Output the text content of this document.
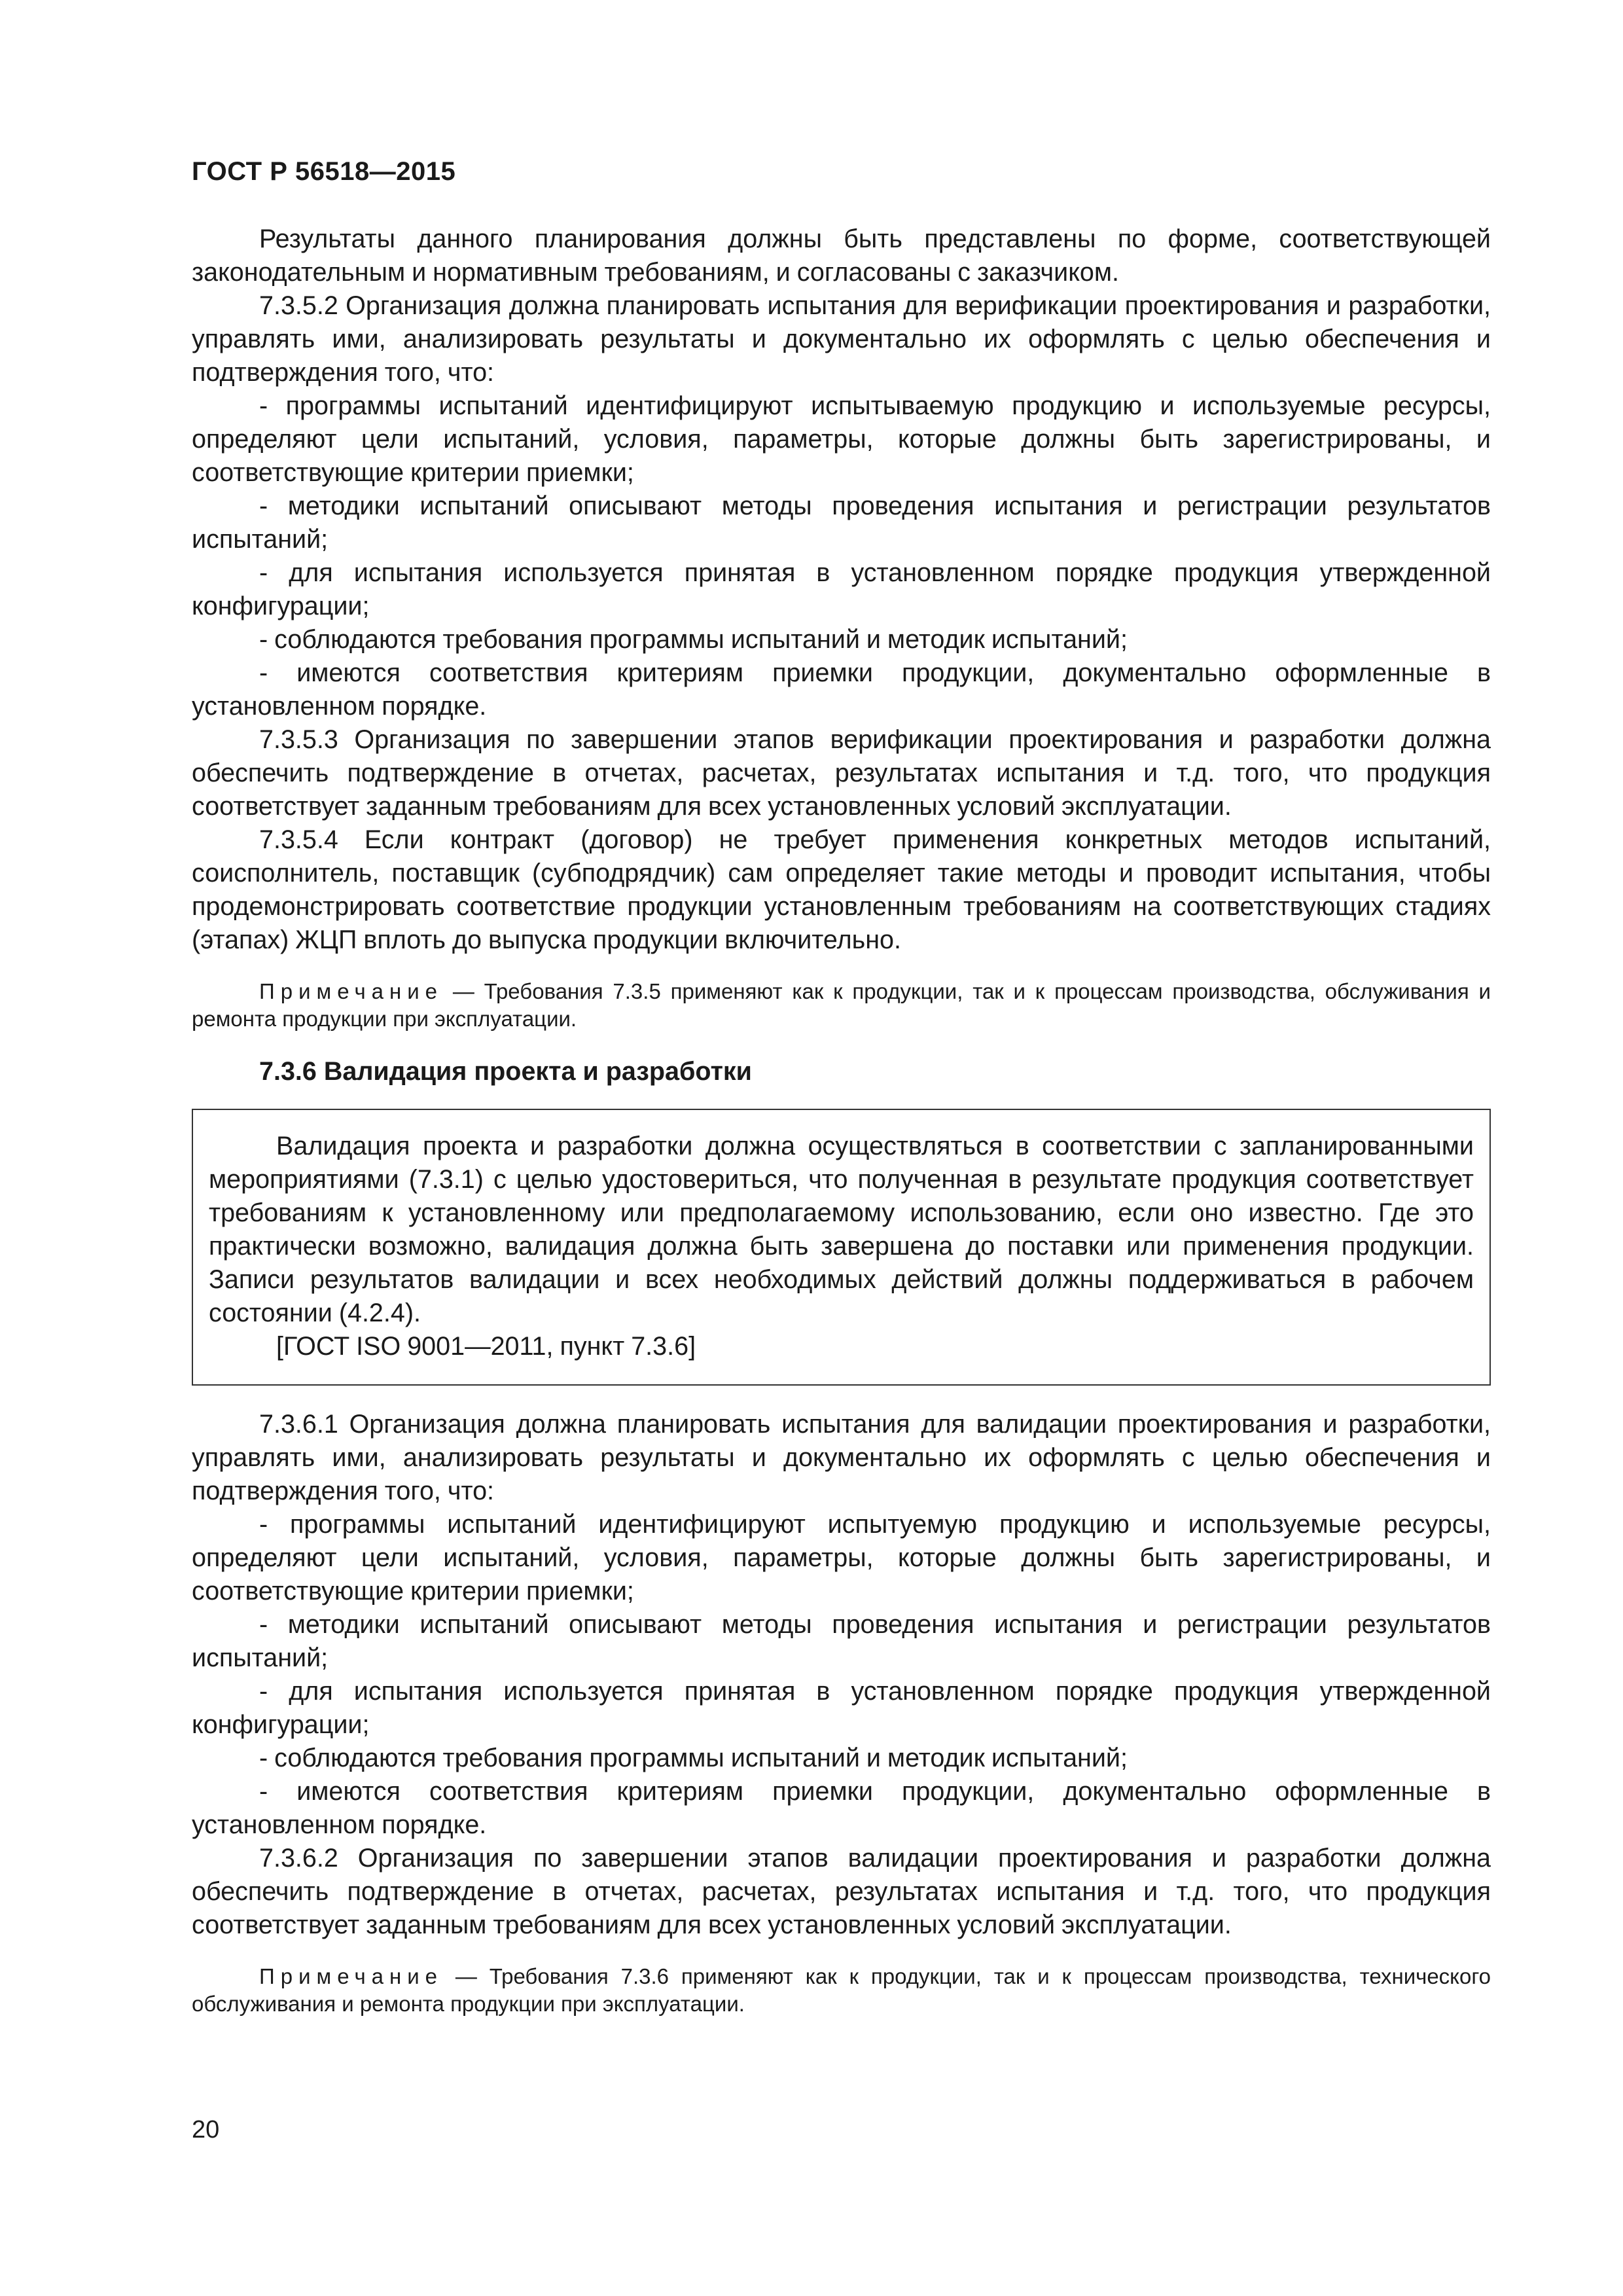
ГОСТ Р 56518—2015

Результаты данного планирования должны быть представлены по форме, соответствующей законодательным и нормативным требованиям, и согласованы с заказчиком.

7.3.5.2 Организация должна планировать испытания для верификации проектирования и разработки, управлять ими, анализировать результаты и документально их оформлять с целью обеспечения и подтверждения того, что:

- программы испытаний идентифицируют испытываемую продукцию и используемые ресурсы, определяют цели испытаний, условия, параметры, которые должны быть зарегистрированы, и соответствующие критерии приемки;

- методики испытаний описывают методы проведения испытания и регистрации результатов испытаний;

- для испытания используется принятая в установленном порядке продукция утвержденной конфигурации;

- соблюдаются требования программы испытаний и методик испытаний;

- имеются соответствия критериям приемки продукции, документально оформленные в установленном порядке.

7.3.5.3 Организация по завершении этапов верификации проектирования и разработки должна обеспечить подтверждение в отчетах, расчетах, результатах испытания и т.д. того, что продукция соответствует заданным требованиям для всех установленных условий эксплуатации.

7.3.5.4 Если контракт (договор) не требует применения конкретных методов испытаний, соисполнитель, поставщик (субподрядчик) сам определяет такие методы и проводит испытания, чтобы продемонстрировать соответствие продукции установленным требованиям на соответствующих стадиях (этапах) ЖЦП вплоть до выпуска продукции включительно.

Примечание — Требования 7.3.5 применяют как к продукции, так и к процессам производства, обслуживания и ремонта продукции при эксплуатации.

7.3.6 Валидация проекта и разработки

Валидация проекта и разработки должна осуществляться в соответствии с запланированными мероприятиями (7.3.1) с целью удостовериться, что полученная в результате продукция соответствует требованиям к установленному или предполагаемому использованию, если оно известно. Где это практически возможно, валидация должна быть завершена до поставки или применения продукции. Записи результатов валидации и всех необходимых действий должны поддерживаться в рабочем состоянии (4.2.4).

[ГОСТ ISO 9001—2011, пункт 7.3.6]

7.3.6.1 Организация должна планировать испытания для валидации проектирования и разработки, управлять ими, анализировать результаты и документально их оформлять с целью обеспечения и подтверждения того, что:

- программы испытаний идентифицируют испытуемую продукцию и используемые ресурсы, определяют цели испытаний, условия, параметры, которые должны быть зарегистрированы, и соответствующие критерии приемки;

- методики испытаний описывают методы проведения испытания и регистрации результатов испытаний;

- для испытания используется принятая в установленном порядке продукция утвержденной конфигурации;

- соблюдаются требования программы испытаний и методик испытаний;

- имеются соответствия критериям приемки продукции, документально оформленные в установленном порядке.

7.3.6.2 Организация по завершении этапов валидации проектирования и разработки должна обеспечить подтверждение в отчетах, расчетах, результатах испытания и т.д. того, что продукция соответствует заданным требованиям для всех установленных условий эксплуатации.

Примечание — Требования 7.3.6 применяют как к продукции, так и к процессам производства, технического обслуживания и ремонта продукции при эксплуатации.

20
